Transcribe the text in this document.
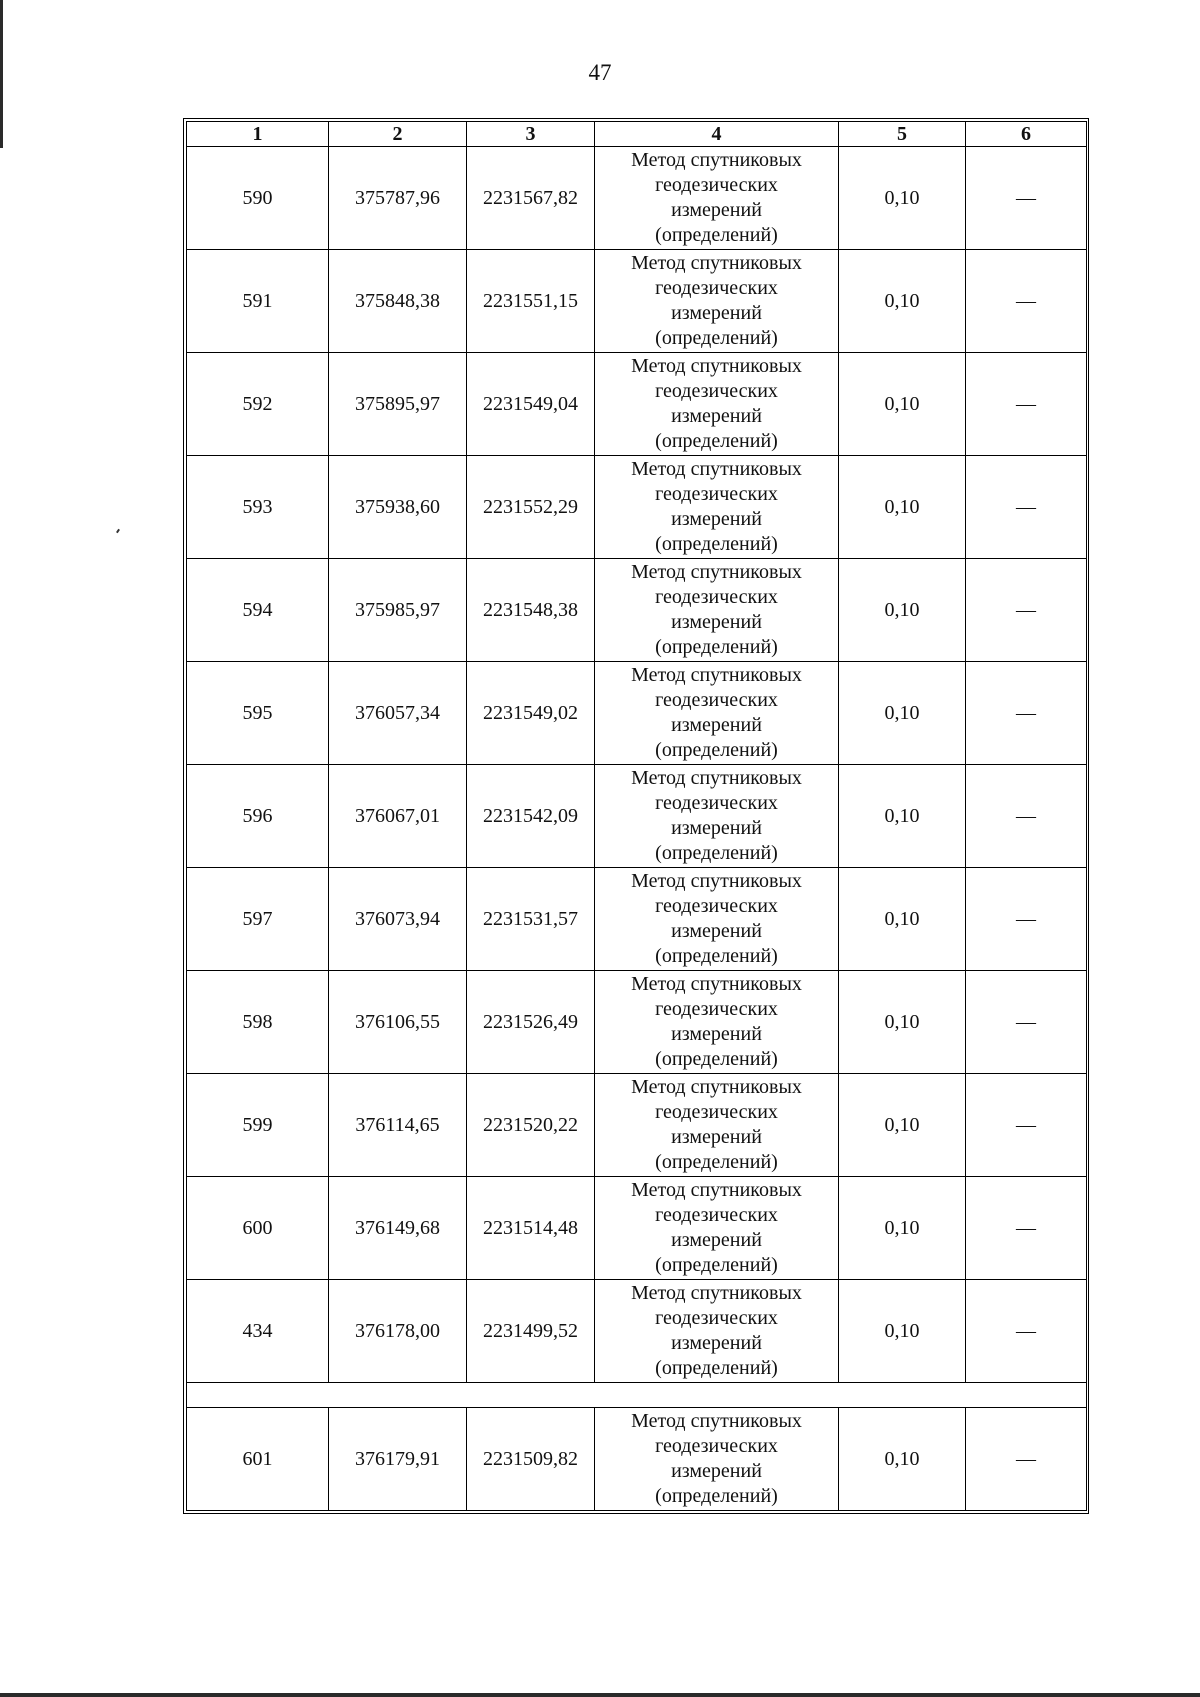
47
1	2	3	4	5	6
590	375787,96	2231567,82	Метод спутниковых
геодезических
измерений
(определений)	0,10	—
591	375848,38	2231551,15	Метод спутниковых
геодезических
измерений
(определений)	0,10	—
592	375895,97	2231549,04	Метод спутниковых
геодезических
измерений
(определений)	0,10	—
593	375938,60	2231552,29	Метод спутниковых
геодезических
измерений
(определений)	0,10	—
594	375985,97	2231548,38	Метод спутниковых
геодезических
измерений
(определений)	0,10	—
595	376057,34	2231549,02	Метод спутниковых
геодезических
измерений
(определений)	0,10	—
596	376067,01	2231542,09	Метод спутниковых
геодезических
измерений
(определений)	0,10	—
597	376073,94	2231531,57	Метод спутниковых
геодезических
измерений
(определений)	0,10	—
598	376106,55	2231526,49	Метод спутниковых
геодезических
измерений
(определений)	0,10	—
599	376114,65	2231520,22	Метод спутниковых
геодезических
измерений
(определений)	0,10	—
600	376149,68	2231514,48	Метод спутниковых
геодезических
измерений
(определений)	0,10	—
434	376178,00	2231499,52	Метод спутниковых
геодезических
измерений
(определений)	0,10	—

601	376179,91	2231509,82	Метод спутниковых
геодезических
измерений
(определений)	0,10	—
